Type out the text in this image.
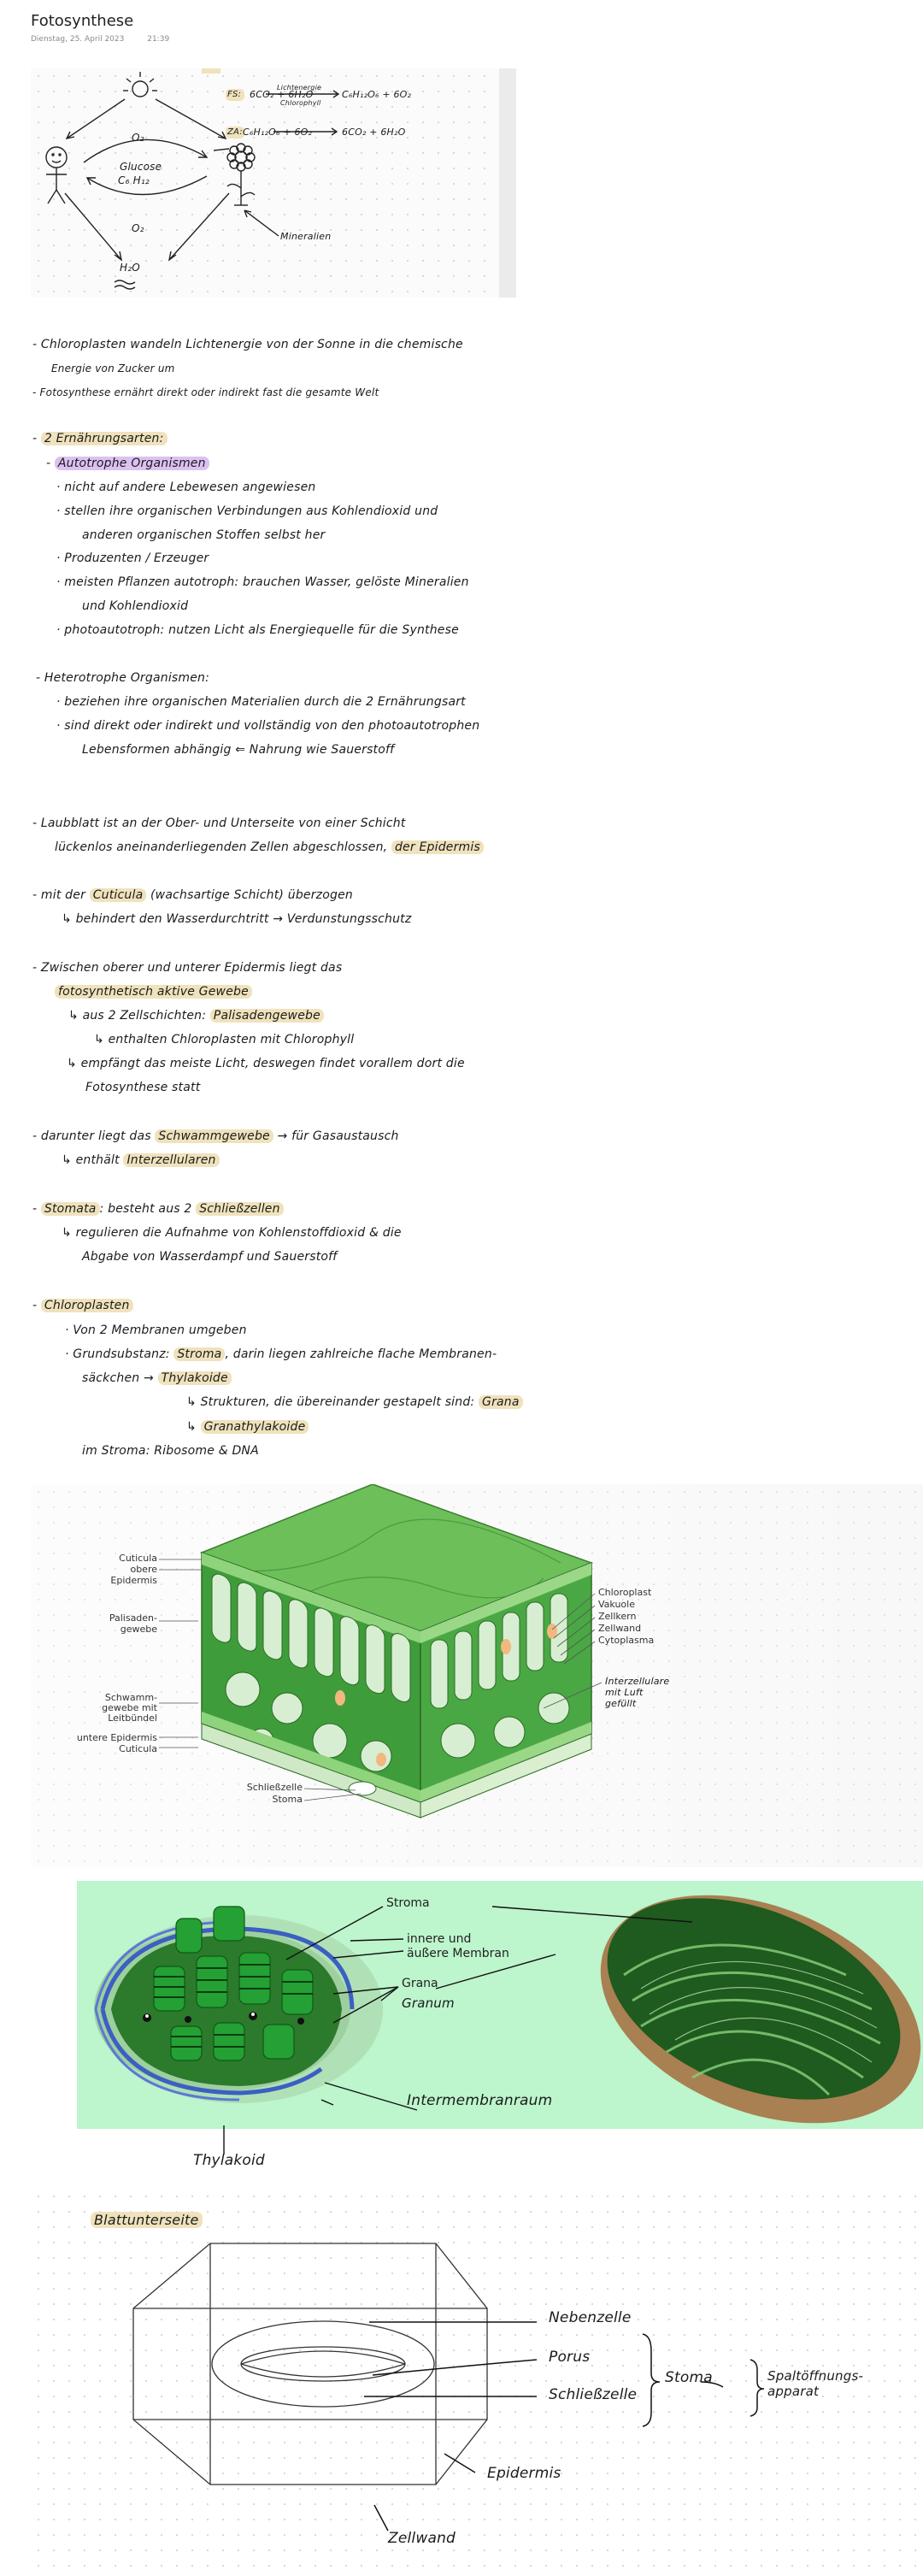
Fotosynthese
Dienstag, 25. April 2023	21:39
O₂
Glucose
C₆ H₁₂
O₂
H₂O
Mineralien
FS: 6CO₂ + 6H₂O
Lichtenergie
Chlorophyll
C₆H₁₂O₆ + 6O₂
ZA: C₆H₁₂O₆ + 6O₂	6CO₂ + 6H₂O
- Chloroplasten wandeln Lichtenergie von der Sonne in die chemische
Energie von Zucker um
- Fotosynthese ernährt direkt oder indirekt fast die gesamte Welt
- 2 Ernährungsarten:
- Autotrophe Organismen
· nicht auf andere Lebewesen angewiesen
· stellen ihre organischen Verbindungen aus Kohlendioxid und
anderen organischen Stoffen selbst her
· Produzenten / Erzeuger
· meisten Pflanzen autotroph: brauchen Wasser, gelöste Mineralien
und Kohlendioxid
· photoautotroph: nutzen Licht als Energiequelle für die Synthese
- Heterotrophe Organismen:
· beziehen ihre organischen Materialien durch die 2 Ernährungsart
· sind direkt oder indirekt und vollständig von den photoautotrophen
Lebensformen abhängig ⇐ Nahrung wie Sauerstoff
- Laubblatt ist an der Ober- und Unterseite von einer Schicht
lückenlos aneinanderliegenden Zellen abgeschlossen, der Epidermis
- mit der Cuticula (wachsartige Schicht) überzogen
↳ behindert den Wasserdurchtritt → Verdunstungsschutz
- Zwischen oberer und unterer Epidermis liegt das
fotosynthetisch aktive Gewebe
↳ aus 2 Zellschichten: Palisadengewebe
↳ enthalten Chloroplasten mit Chlorophyll
↳ empfängt das meiste Licht, deswegen findet vorallem dort die
Fotosynthese statt
- darunter liegt das Schwammgewebe → für Gasaustausch
↳ enthält Interzellularen
- Stomata : besteht aus 2 Schließzellen
↳ regulieren die Aufnahme von Kohlenstoffdioxid & die
Abgabe von Wasserdampf und Sauerstoff
- Chloroplasten
· Von 2 Membranen umgeben
· Grundsubstanz: Stroma , darin liegen zahlreiche flache Membranen-
säckchen → Thylakoide
↳ Strukturen, die übereinander gestapelt sind: Grana
↳ Granathylakoide
im Stroma: Ribosome & DNA
Cuticula
obere Epidermis
Palisaden-
gewebe
Schwamm-
gewebe mit
Leitbündel
untere Epidermis
Cuticula
Chloroplast
Vakuole
Zellkern
Zellwand
Cytoplasma
Interzellulare
mit Luft
gefüllt
Schließzelle
Stoma
Stroma
innere und
äußere Membran
Grana
Granum
Intermembranraum
Thylakoid
Blattunterseite
Nebenzelle
Porus
Schließzelle
Stoma	Spaltöffnungs-
apparat
Epidermis
Zellwand
